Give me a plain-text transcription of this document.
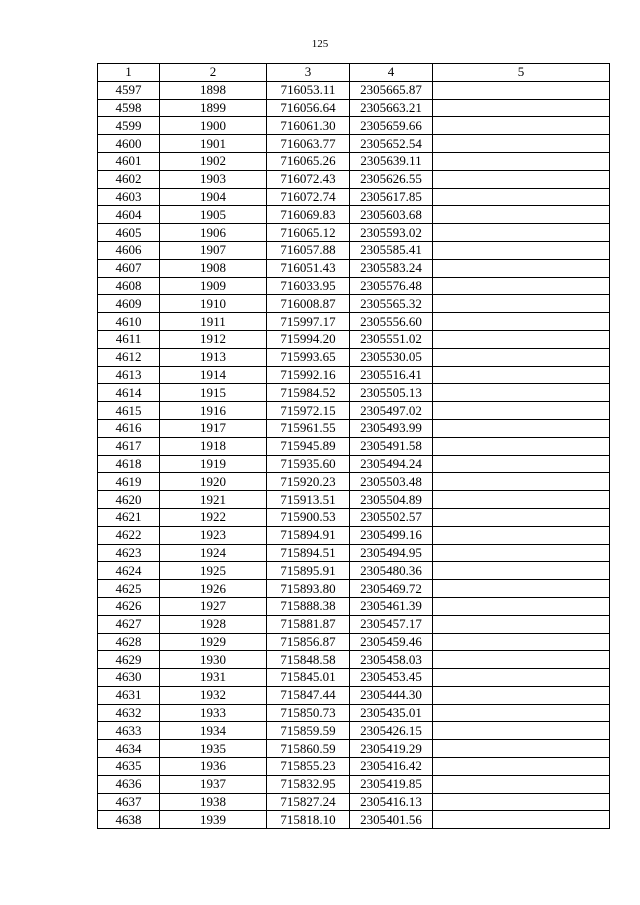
125
1	2	3	4	5
4597	1898	716053.11	2305665.87	
4598	1899	716056.64	2305663.21	
4599	1900	716061.30	2305659.66	
4600	1901	716063.77	2305652.54	
4601	1902	716065.26	2305639.11	
4602	1903	716072.43	2305626.55	
4603	1904	716072.74	2305617.85	
4604	1905	716069.83	2305603.68	
4605	1906	716065.12	2305593.02	
4606	1907	716057.88	2305585.41	
4607	1908	716051.43	2305583.24	
4608	1909	716033.95	2305576.48	
4609	1910	716008.87	2305565.32	
4610	1911	715997.17	2305556.60	
4611	1912	715994.20	2305551.02	
4612	1913	715993.65	2305530.05	
4613	1914	715992.16	2305516.41	
4614	1915	715984.52	2305505.13	
4615	1916	715972.15	2305497.02	
4616	1917	715961.55	2305493.99	
4617	1918	715945.89	2305491.58	
4618	1919	715935.60	2305494.24	
4619	1920	715920.23	2305503.48	
4620	1921	715913.51	2305504.89	
4621	1922	715900.53	2305502.57	
4622	1923	715894.91	2305499.16	
4623	1924	715894.51	2305494.95	
4624	1925	715895.91	2305480.36	
4625	1926	715893.80	2305469.72	
4626	1927	715888.38	2305461.39	
4627	1928	715881.87	2305457.17	
4628	1929	715856.87	2305459.46	
4629	1930	715848.58	2305458.03	
4630	1931	715845.01	2305453.45	
4631	1932	715847.44	2305444.30	
4632	1933	715850.73	2305435.01	
4633	1934	715859.59	2305426.15	
4634	1935	715860.59	2305419.29	
4635	1936	715855.23	2305416.42	
4636	1937	715832.95	2305419.85	
4637	1938	715827.24	2305416.13	
4638	1939	715818.10	2305401.56	
